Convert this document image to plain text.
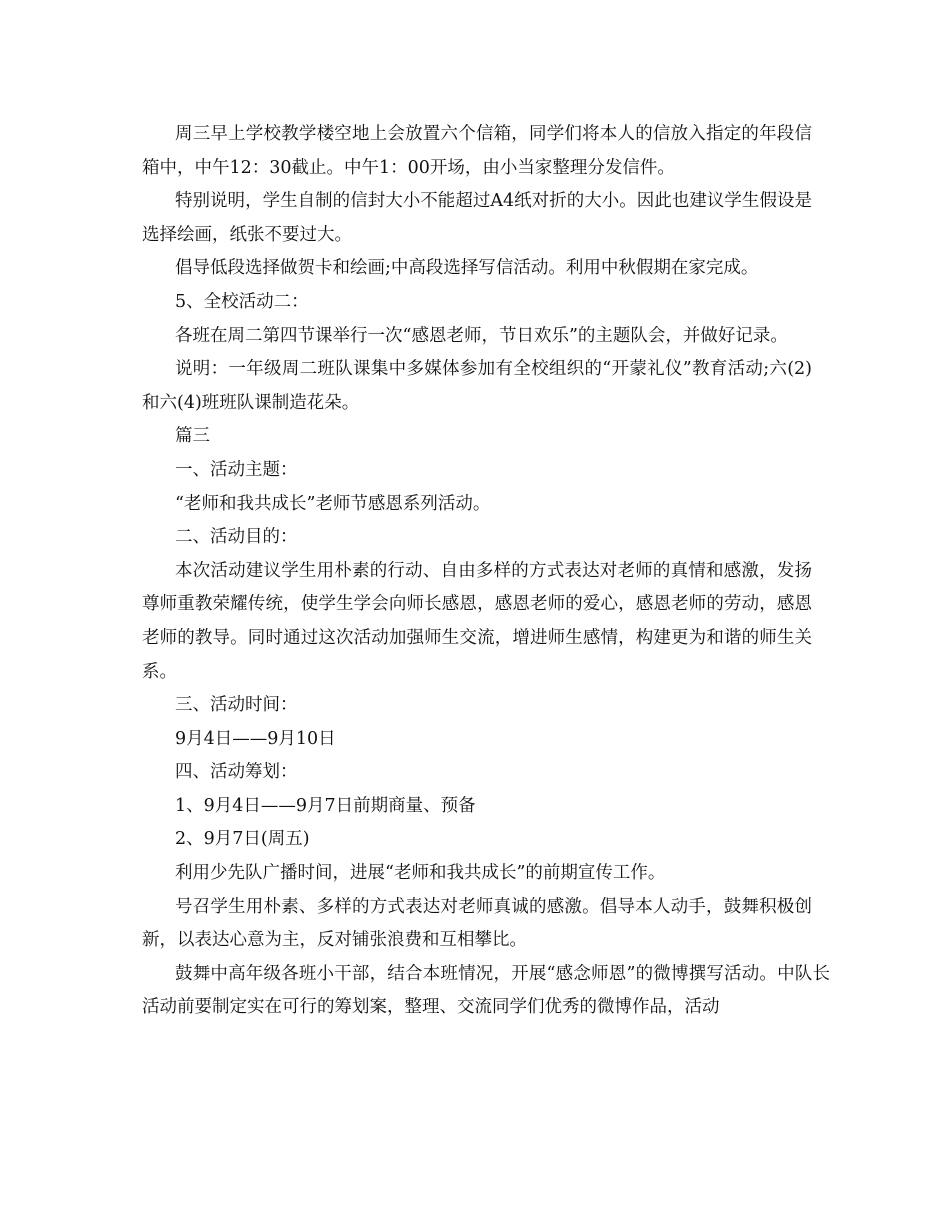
周三早上学校教学楼空地上会放置六个信箱，同学们将本人的信放入指定的年段信箱中，中午12：30截止。中午1：00开场，由小当家整理分发信件。

特别说明，学生自制的信封大小不能超过A4纸对折的大小。因此也建议学生假设是选择绘画，纸张不要过大。

倡导低段选择做贺卡和绘画;中高段选择写信活动。利用中秋假期在家完成。

5、全校活动二：

各班在周二第四节课举行一次“感恩老师，节日欢乐”的主题队会，并做好记录。

说明：一年级周二班队课集中多媒体参加有全校组织的“开蒙礼仪”教育活动;六(2)和六(4)班班队课制造花朵。

篇三

一、活动主题：

“老师和我共成长”老师节感恩系列活动。

二、活动目的：

本次活动建议学生用朴素的行动、自由多样的方式表达对老师的真情和感激，发扬尊师重教荣耀传统，使学生学会向师长感恩，感恩老师的爱心，感恩老师的劳动，感恩老师的教导。同时通过这次活动加强师生交流，增进师生感情，构建更为和谐的师生关系。

三、活动时间：

9月4日——9月10日

四、活动筹划：

1、9月4日——9月7日前期商量、预备

2、9月7日(周五)

利用少先队广播时间，进展“老师和我共成长”的前期宣传工作。

号召学生用朴素、多样的方式表达对老师真诚的感激。倡导本人动手，鼓舞积极创新，以表达心意为主，反对铺张浪费和互相攀比。

鼓舞中高年级各班小干部，结合本班情况，开展“感念师恩”的微博撰写活动。中队长活动前要制定实在可行的筹划案，整理、交流同学们优秀的微博作品，活动
